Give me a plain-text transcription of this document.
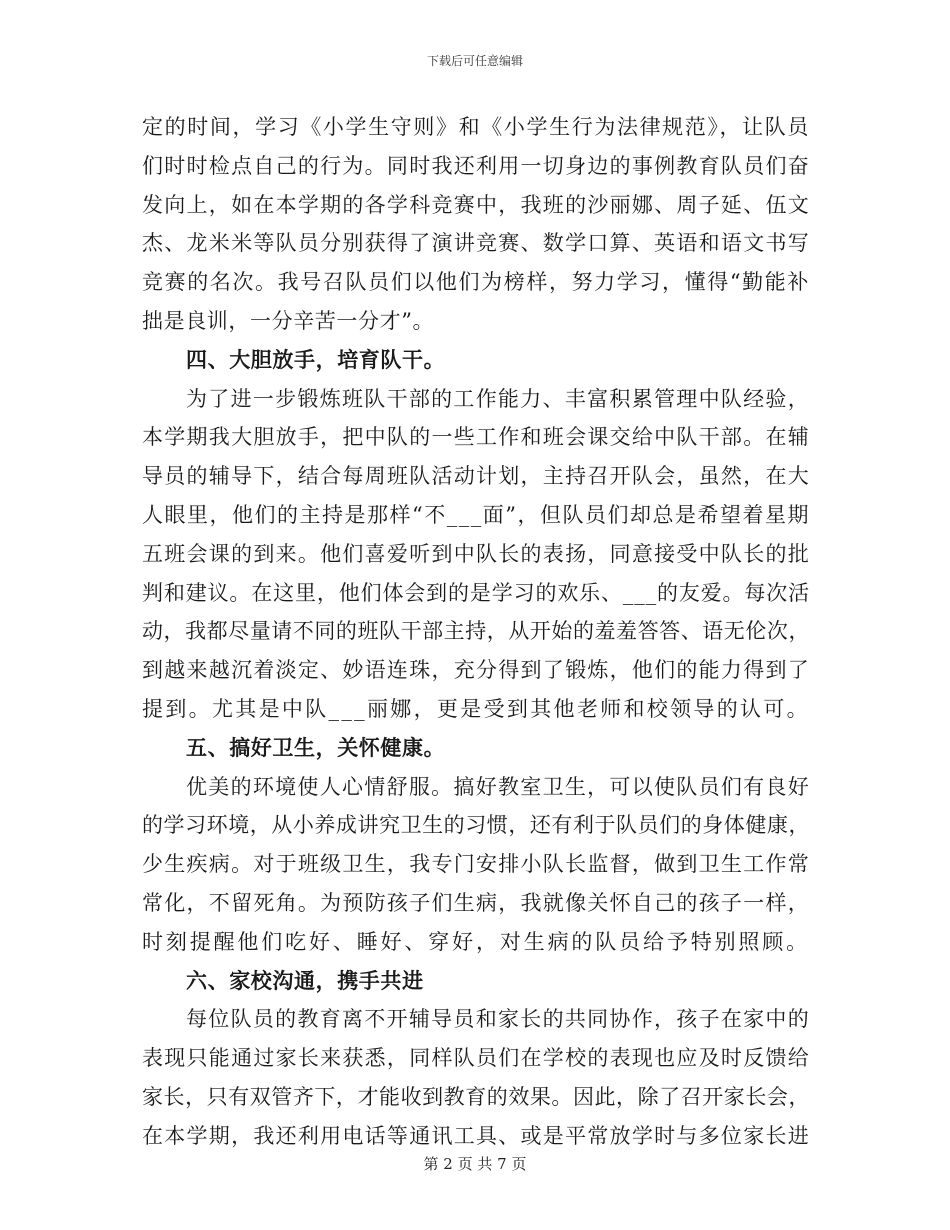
下载后可任意编辑
定的时间，学习《小学生守则》和《小学生行为法律规范》，让队员
们时时检点自己的行为。同时我还利用一切身边的事例教育队员们奋
发向上，如在本学期的各学科竞赛中，我班的沙丽娜、周子延、伍文
杰、龙米米等队员分别获得了演讲竞赛、数学口算、英语和语文书写
竞赛的名次。我号召队员们以他们为榜样，努力学习，懂得“勤能补
拙是良训，一分辛苦一分才”。
四、大胆放手，培育队干。
为了进一步锻炼班队干部的工作能力、丰富积累管理中队经验，
本学期我大胆放手，把中队的一些工作和班会课交给中队干部。在辅
导员的辅导下，结合每周班队活动计划，主持召开队会，虽然，在大
人眼里，他们的主持是那样“不___面”，但队员们却总是希望着星期
五班会课的到来。他们喜爱听到中队长的表扬，同意接受中队长的批
判和建议。在这里，他们体会到的是学习的欢乐、___的友爱。每次活
动，我都尽量请不同的班队干部主持，从开始的羞羞答答、语无伦次，
到越来越沉着淡定、妙语连珠，充分得到了锻炼，他们的能力得到了
提到。尤其是中队___丽娜，更是受到其他老师和校领导的认可。
五、搞好卫生，关怀健康。
优美的环境使人心情舒服。搞好教室卫生，可以使队员们有良好
的学习环境，从小养成讲究卫生的习惯，还有利于队员们的身体健康，
少生疾病。对于班级卫生，我专门安排小队长监督，做到卫生工作常
常化，不留死角。为预防孩子们生病，我就像关怀自己的孩子一样，
时刻提醒他们吃好、睡好、穿好，对生病的队员给予特别照顾。
六、家校沟通，携手共进
每位队员的教育离不开辅导员和家长的共同协作，孩子在家中的
表现只能通过家长来获悉，同样队员们在学校的表现也应及时反馈给
家长，只有双管齐下，才能收到教育的效果。因此，除了召开家长会，
在本学期，我还利用电话等通讯工具、或是平常放学时与多位家长进
第 2 页 共 7 页
